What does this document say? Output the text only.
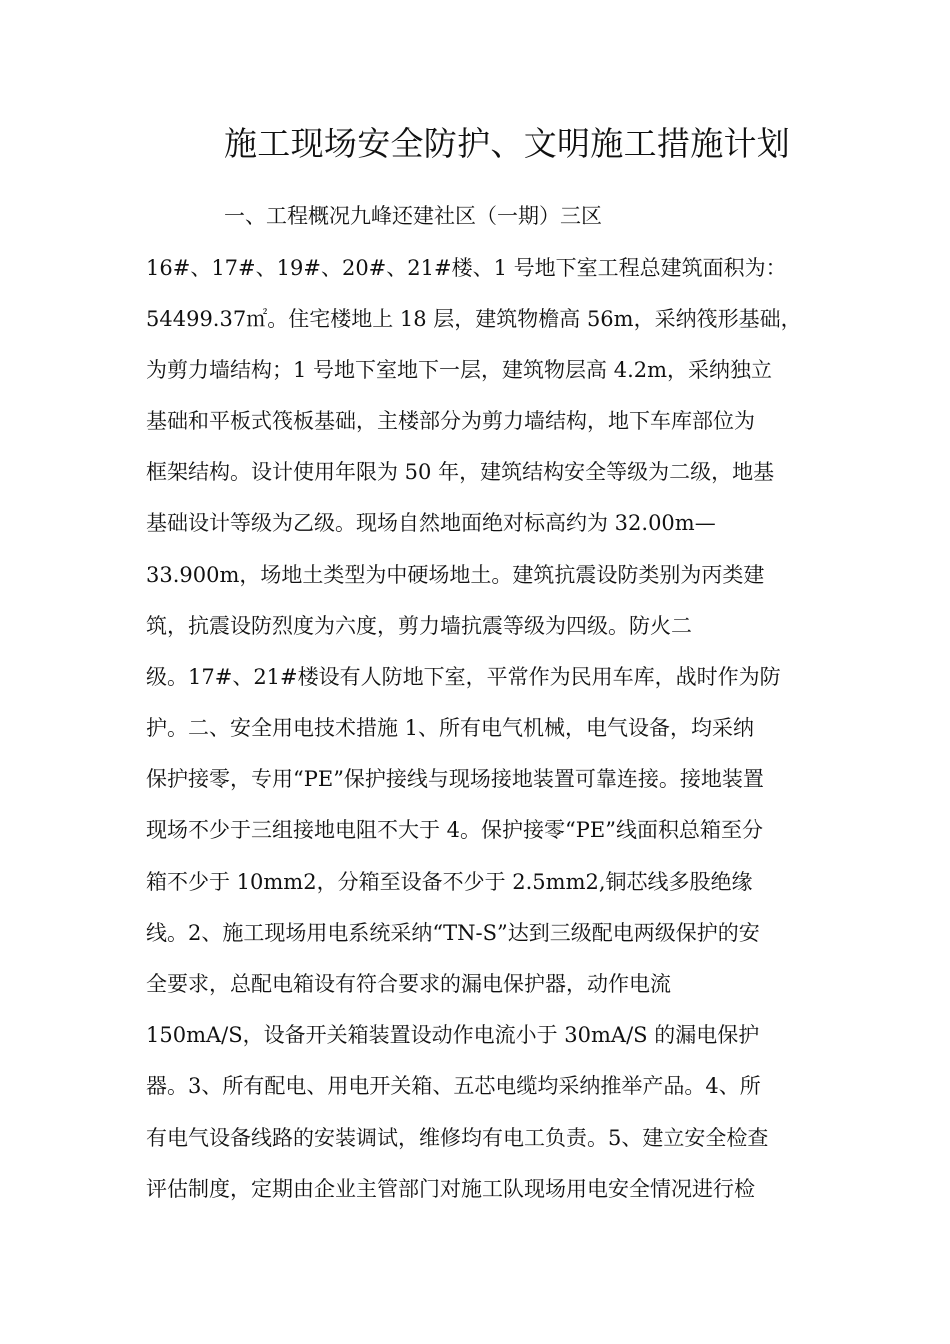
施工现场安全防护、文明施工措施计划
一、工程概况九峰还建社区（一期）三区
16#、17#、19#、20#、21#楼、1 号地下室工程总建筑面积为：
54499.37㎡。住宅楼地上 18 层，建筑物檐高 56m，采纳筏形基础，
为剪力墙结构；1 号地下室地下一层，建筑物层高 4.2m，采纳独立
基础和平板式筏板基础，主楼部分为剪力墙结构，地下车库部位为
框架结构。设计使用年限为 50 年，建筑结构安全等级为二级，地基
基础设计等级为乙级。现场自然地面绝对标高约为 32.00m—
33.900m，场地土类型为中硬场地土。建筑抗震设防类别为丙类建
筑，抗震设防烈度为六度，剪力墙抗震等级为四级。防火二
级。17#、21#楼设有人防地下室，平常作为民用车库，战时作为防
护。二、安全用电技术措施 1、所有电气机械，电气设备，均采纳
保护接零，专用“PE”保护接线与现场接地装置可靠连接。接地装置
现场不少于三组接地电阻不大于 4。保护接零“PE”线面积总箱至分
箱不少于 10mm2，分箱至设备不少于 2.5mm2,铜芯线多股绝缘
线。2、施工现场用电系统采纳“TN-S”达到三级配电两级保护的安
全要求，总配电箱设有符合要求的漏电保护器，动作电流
150mA/S，设备开关箱装置设动作电流小于 30mA/S 的漏电保护
器。3、所有配电、用电开关箱、五芯电缆均采纳推举产品。4、所
有电气设备线路的安装调试，维修均有电工负责。5、建立安全检查
评估制度，定期由企业主管部门对施工队现场用电安全情况进行检
